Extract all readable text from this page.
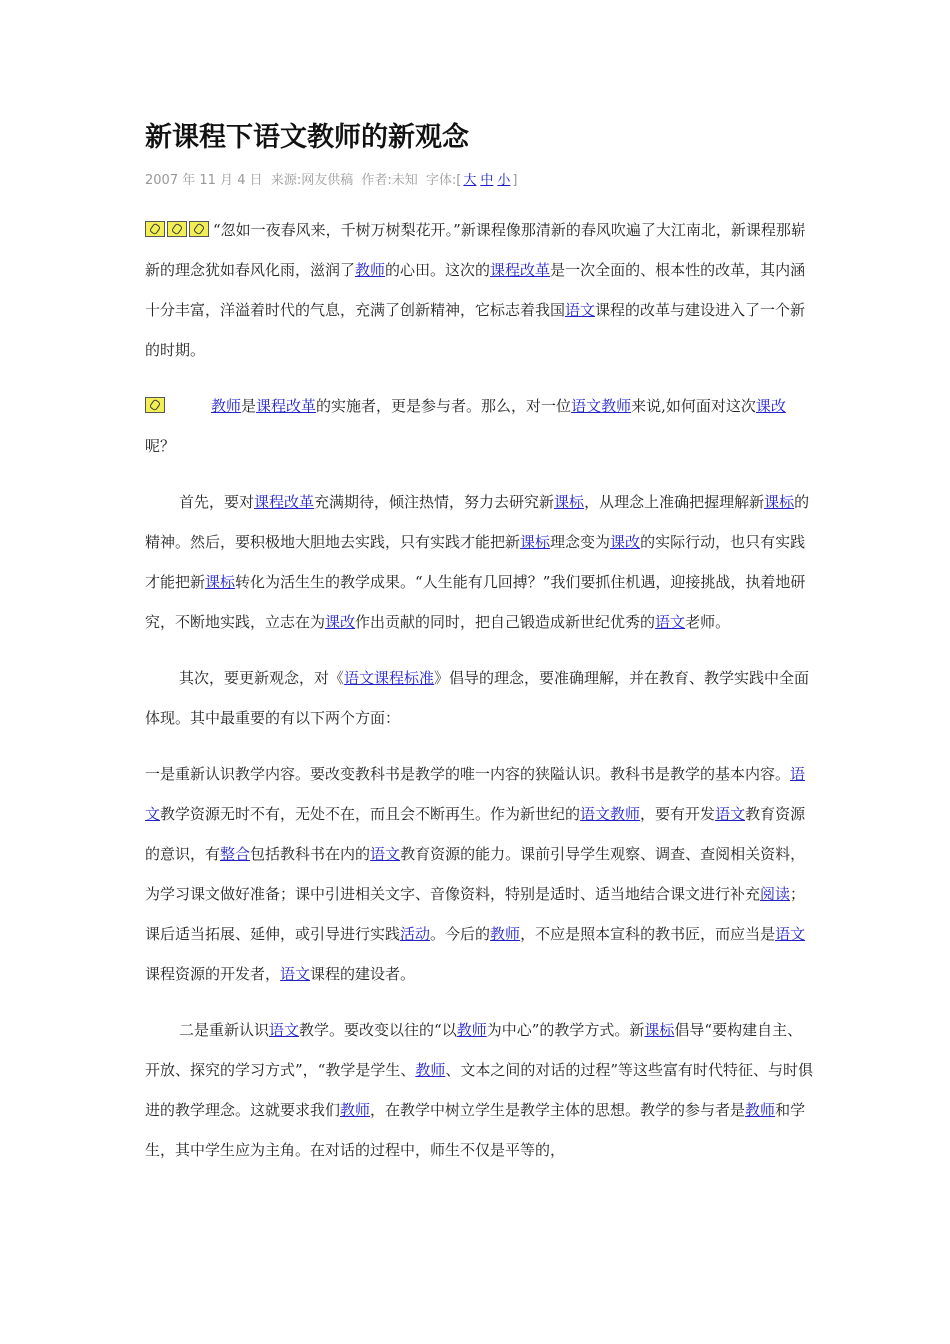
新课程下语文教师的新观念
2007 年 11 月 4 日 来源:网友供稿 作者:未知 字体:[ 大 中 小 ]

“忽如一夜春风来，千树万树梨花开。”新课程像那清新的春风吹遍了大江南北，新课程那崭新的理念犹如春风化雨，滋润了教师的心田。这次的课程改革是一次全面的、根本性的改革，其内涵十分丰富，洋溢着时代的气息，充满了创新精神，它标志着我国语文课程的改革与建设进入了一个新的时期。

教师是课程改革的实施者，更是参与者。那么，对一位语文教师来说,如何面对这次课改呢？

首先，要对课程改革充满期待，倾注热情，努力去研究新课标，从理念上准确把握理解新课标的精神。然后，要积极地大胆地去实践，只有实践才能把新课标理念变为课改的实际行动，也只有实践才能把新课标转化为活生生的教学成果。“人生能有几回搏？”我们要抓住机遇，迎接挑战，执着地研究，不断地实践，立志在为课改作出贡献的同时，把自己锻造成新世纪优秀的语文老师。

其次，要更新观念，对《语文课程标准》倡导的理念，要准确理解，并在教育、教学实践中全面体现。其中最重要的有以下两个方面：

一是重新认识教学内容。要改变教科书是教学的唯一内容的狭隘认识。教科书是教学的基本内容。语文教学资源无时不有，无处不在，而且会不断再生。作为新世纪的语文教师，要有开发语文教育资源的意识，有整合包括教科书在内的语文教育资源的能力。课前引导学生观察、调查、查阅相关资料，为学习课文做好准备；课中引进相关文字、音像资料，特别是适时、适当地结合课文进行补充阅读；课后适当拓展、延伸，或引导进行实践活动。今后的教师，不应是照本宣科的教书匠，而应当是语文课程资源的开发者，语文课程的建设者。

二是重新认识语文教学。要改变以往的“以教师为中心”的教学方式。新课标倡导“要构建自主、开放、探究的学习方式”，“教学是学生、教师、文本之间的对话的过程”等这些富有时代特征、与时俱进的教学理念。这就要求我们教师，在教学中树立学生是教学主体的思想。教学的参与者是教师和学生，其中学生应为主角。在对话的过程中，师生不仅是平等的，
